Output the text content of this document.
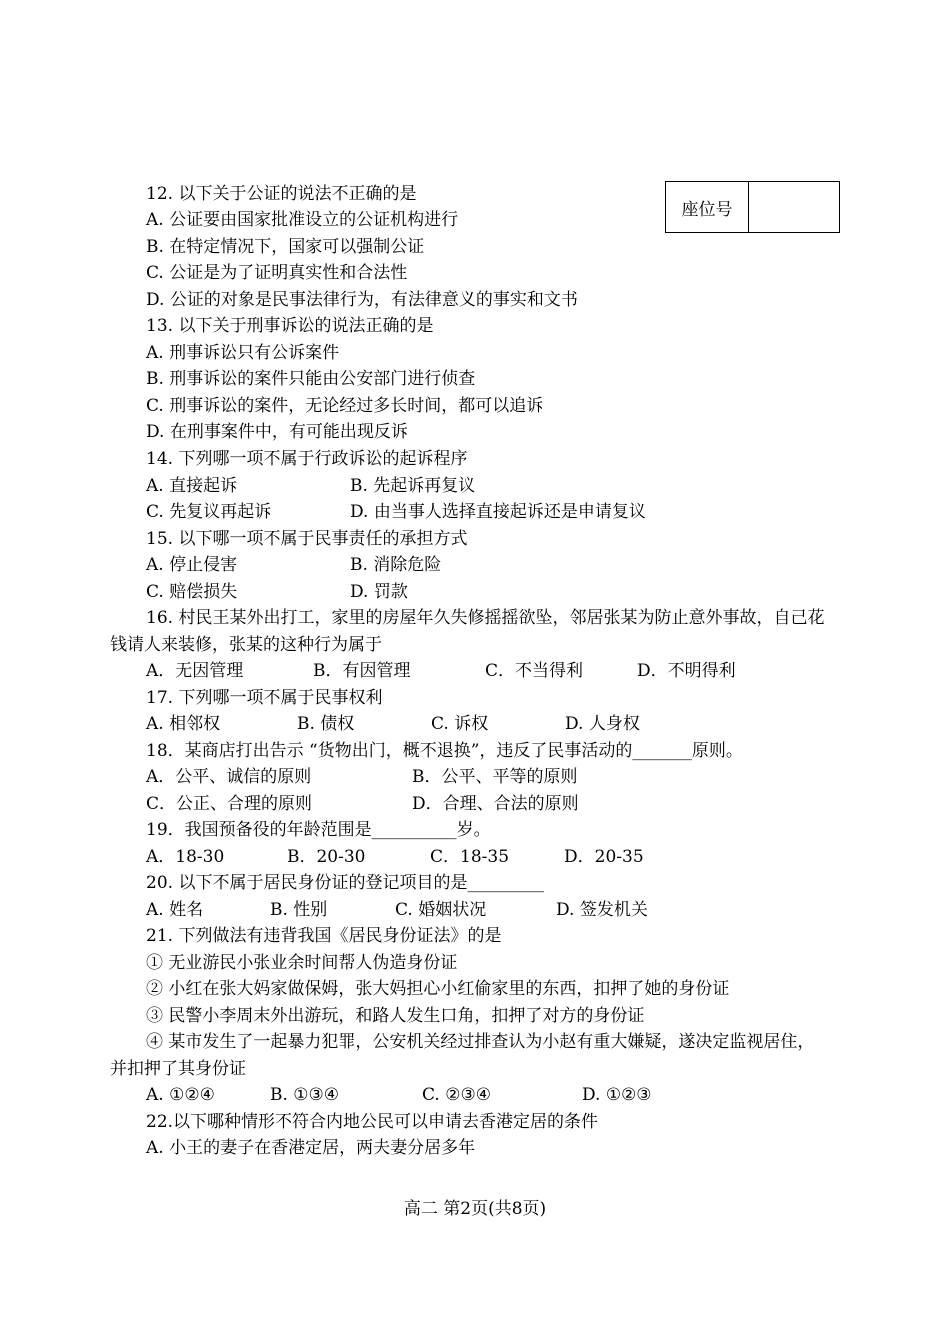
座位号
12. 以下关于公证的说法不正确的是
A. 公证要由国家批准设立的公证机构进行
B. 在特定情况下，国家可以强制公证
C. 公证是为了证明真实性和合法性
D. 公证的对象是民事法律行为，有法律意义的事实和文书
13. 以下关于刑事诉讼的说法正确的是
A. 刑事诉讼只有公诉案件
B. 刑事诉讼的案件只能由公安部门进行侦查
C. 刑事诉讼的案件，无论经过多长时间，都可以追诉
D. 在刑事案件中，有可能出现反诉
14. 下列哪一项不属于行政诉讼的起诉程序
A. 直接起诉	B. 先起诉再复议
C. 先复议再起诉	D. 由当事人选择直接起诉还是申请复议
15. 以下哪一项不属于民事责任的承担方式
A. 停止侵害	B. 消除危险
C. 赔偿损失	D. 罚款
16. 村民王某外出打工，家里的房屋年久失修摇摇欲坠，邻居张某为防止意外事故，自己花
钱请人来装修，张某的这种行为属于
A．无因管理	B．有因管理	C．不当得利	D．不明得利
17. 下列哪一项不属于民事权利
A. 相邻权	B. 债权	C. 诉权	D. 人身权
18．某商店打出告示 “货物出门，概不退换”，违反了民事活动的_______原则。
A．公平、诚信的原则	B．公平、平等的原则
C．公正、合理的原则	D．合理、合法的原则
19．我国预备役的年龄范围是__________岁。
A．18-30	B．20-30	C．18-35	D．20-35
20. 以下不属于居民身份证的登记项目的是_________
A. 姓名	B. 性别	C. 婚姻状况	D. 签发机关
21. 下列做法有违背我国《居民身份证法》的是
① 无业游民小张业余时间帮人伪造身份证
② 小红在张大妈家做保姆，张大妈担心小红偷家里的东西，扣押了她的身份证
③ 民警小李周末外出游玩，和路人发生口角，扣押了对方的身份证
④ 某市发生了一起暴力犯罪，公安机关经过排查认为小赵有重大嫌疑，遂决定监视居住，
并扣押了其身份证
A. ①②④	B. ①③④	C. ②③④	D. ①②③
22.以下哪种情形不符合内地公民可以申请去香港定居的条件
A. 小王的妻子在香港定居，两夫妻分居多年
高二 第2页(共8页)
